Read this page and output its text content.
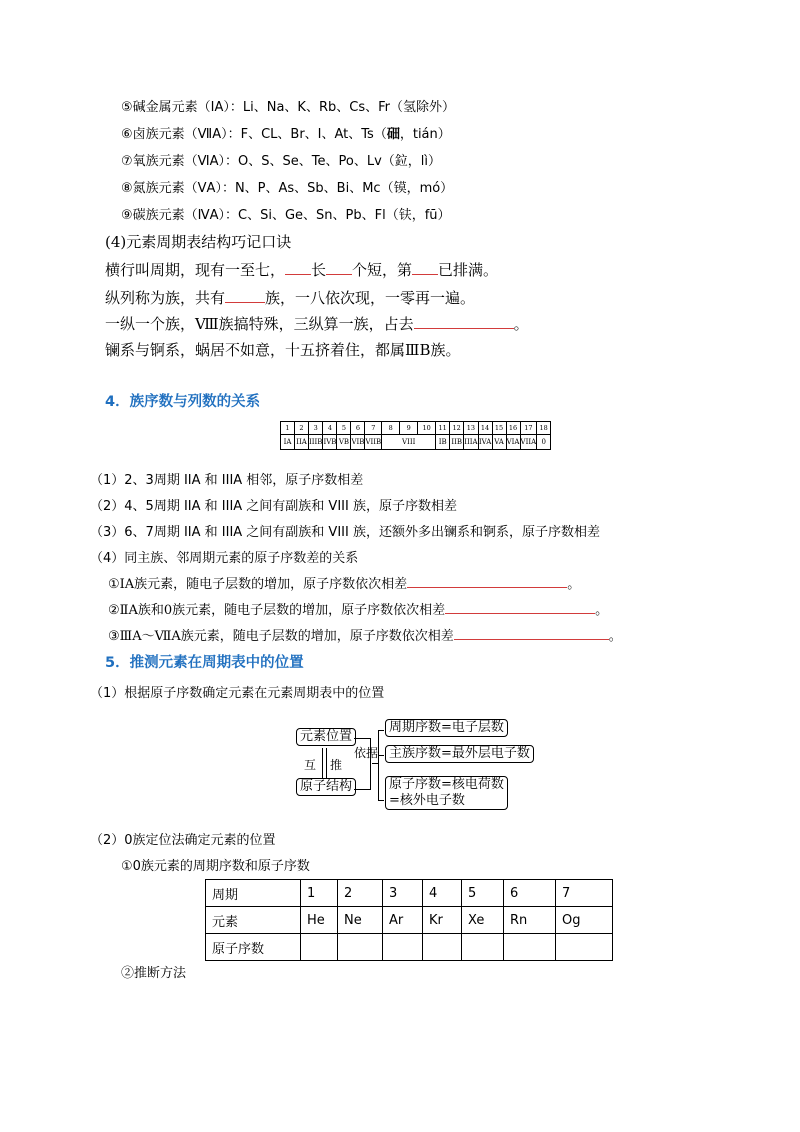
⑤碱金属元素（ⅠA）：Li、Na、K、Rb、Cs、Fr（氢除外）
⑥卤族元素（ⅦA）：F、CL、Br、I、At、Ts（鿬，tián）
⑦氧族元素（ⅥA）：O、S、Se、Te、Po、Lv（鉝，lì）
⑧氮族元素（ⅤA）：N、P、As、Sb、Bi、Mc（镆，mó）
⑨碳族元素（ⅣA）：C、Si、Ge、Sn、Pb、Fl（𫓧，fū）
(4)元素周期表结构巧记口诀
横行叫周期，现有一至七， 长 个短，第 已排满。
纵列称为族，共有	族，一八依次现，一零再一遍。
一纵一个族，Ⅷ族搞特殊，三纵算一族，占去	。
镧系与锕系，蜗居不如意，十五挤着住，都属ⅢB族。
4．族序数与列数的关系
1	2	3	4	5	6	7	8	9	10	11	12	13	14	15	16	17	18
IA	IIA	IIIB	IVB	VB	VIB	VIIB	VIII			IB	IIB	IIIA	IVA	VA	VIA	VIIA	0
（1）2、3周期 IIA 和 IIIA 相邻，原子序数相差
（2）4、5周期 IIA 和 IIIA 之间有副族和 VIII 族，原子序数相差
（3）6、7周期 IIA 和 IIIA 之间有副族和 VIII 族，还额外多出镧系和锕系，原子序数相差
（4）同主族、邻周期元素的原子序数差的关系
①ⅠA族元素，随电子层数的增加，原子序数依次相差	。
②ⅡA族和0族元素，随电子层数的增加，原子序数依次相差	。
③ⅢA～ⅦA族元素，随电子层数的增加，原子序数依次相差	。
5．推测元素在周期表中的位置
（1）根据原子序数确定元素在元素周期表中的位置
元素位置
原子结构
互 推
依据
周期序数=电子层数
主族序数=最外层电子数
原子序数=核电荷数
=核外电子数
（2）0族定位法确定元素的位置
①0族元素的周期序数和原子序数
周期	1	2	3	4	5	6	7
元素	He	Ne	Ar	Kr	Xe	Rn	Og
原子序数							
②推断方法
